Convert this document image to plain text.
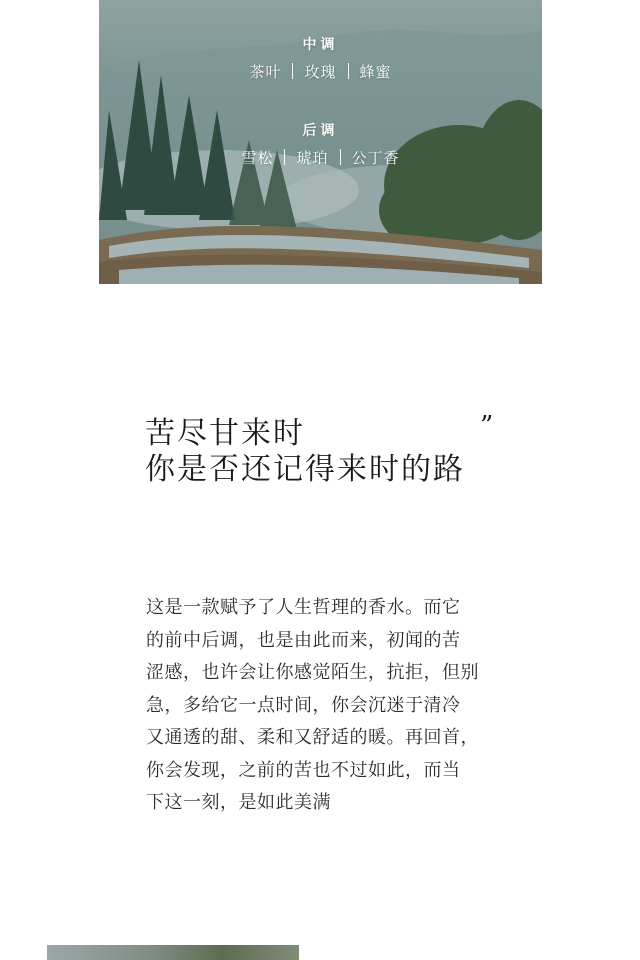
中调
茶叶	玫瑰	蜂蜜
后调
雪松	琥珀	公丁香
苦尽甘来时
你是否还记得来时的路
”
这是一款赋予了人生哲理的香水。而它
的前中后调，也是由此而来，初闻的苦
涩感，也许会让你感觉陌生，抗拒，但别
急，多给它一点时间，你会沉迷于清冷
又通透的甜、柔和又舒适的暖。再回首，
你会发现，之前的苦也不过如此，而当
下这一刻，是如此美满
